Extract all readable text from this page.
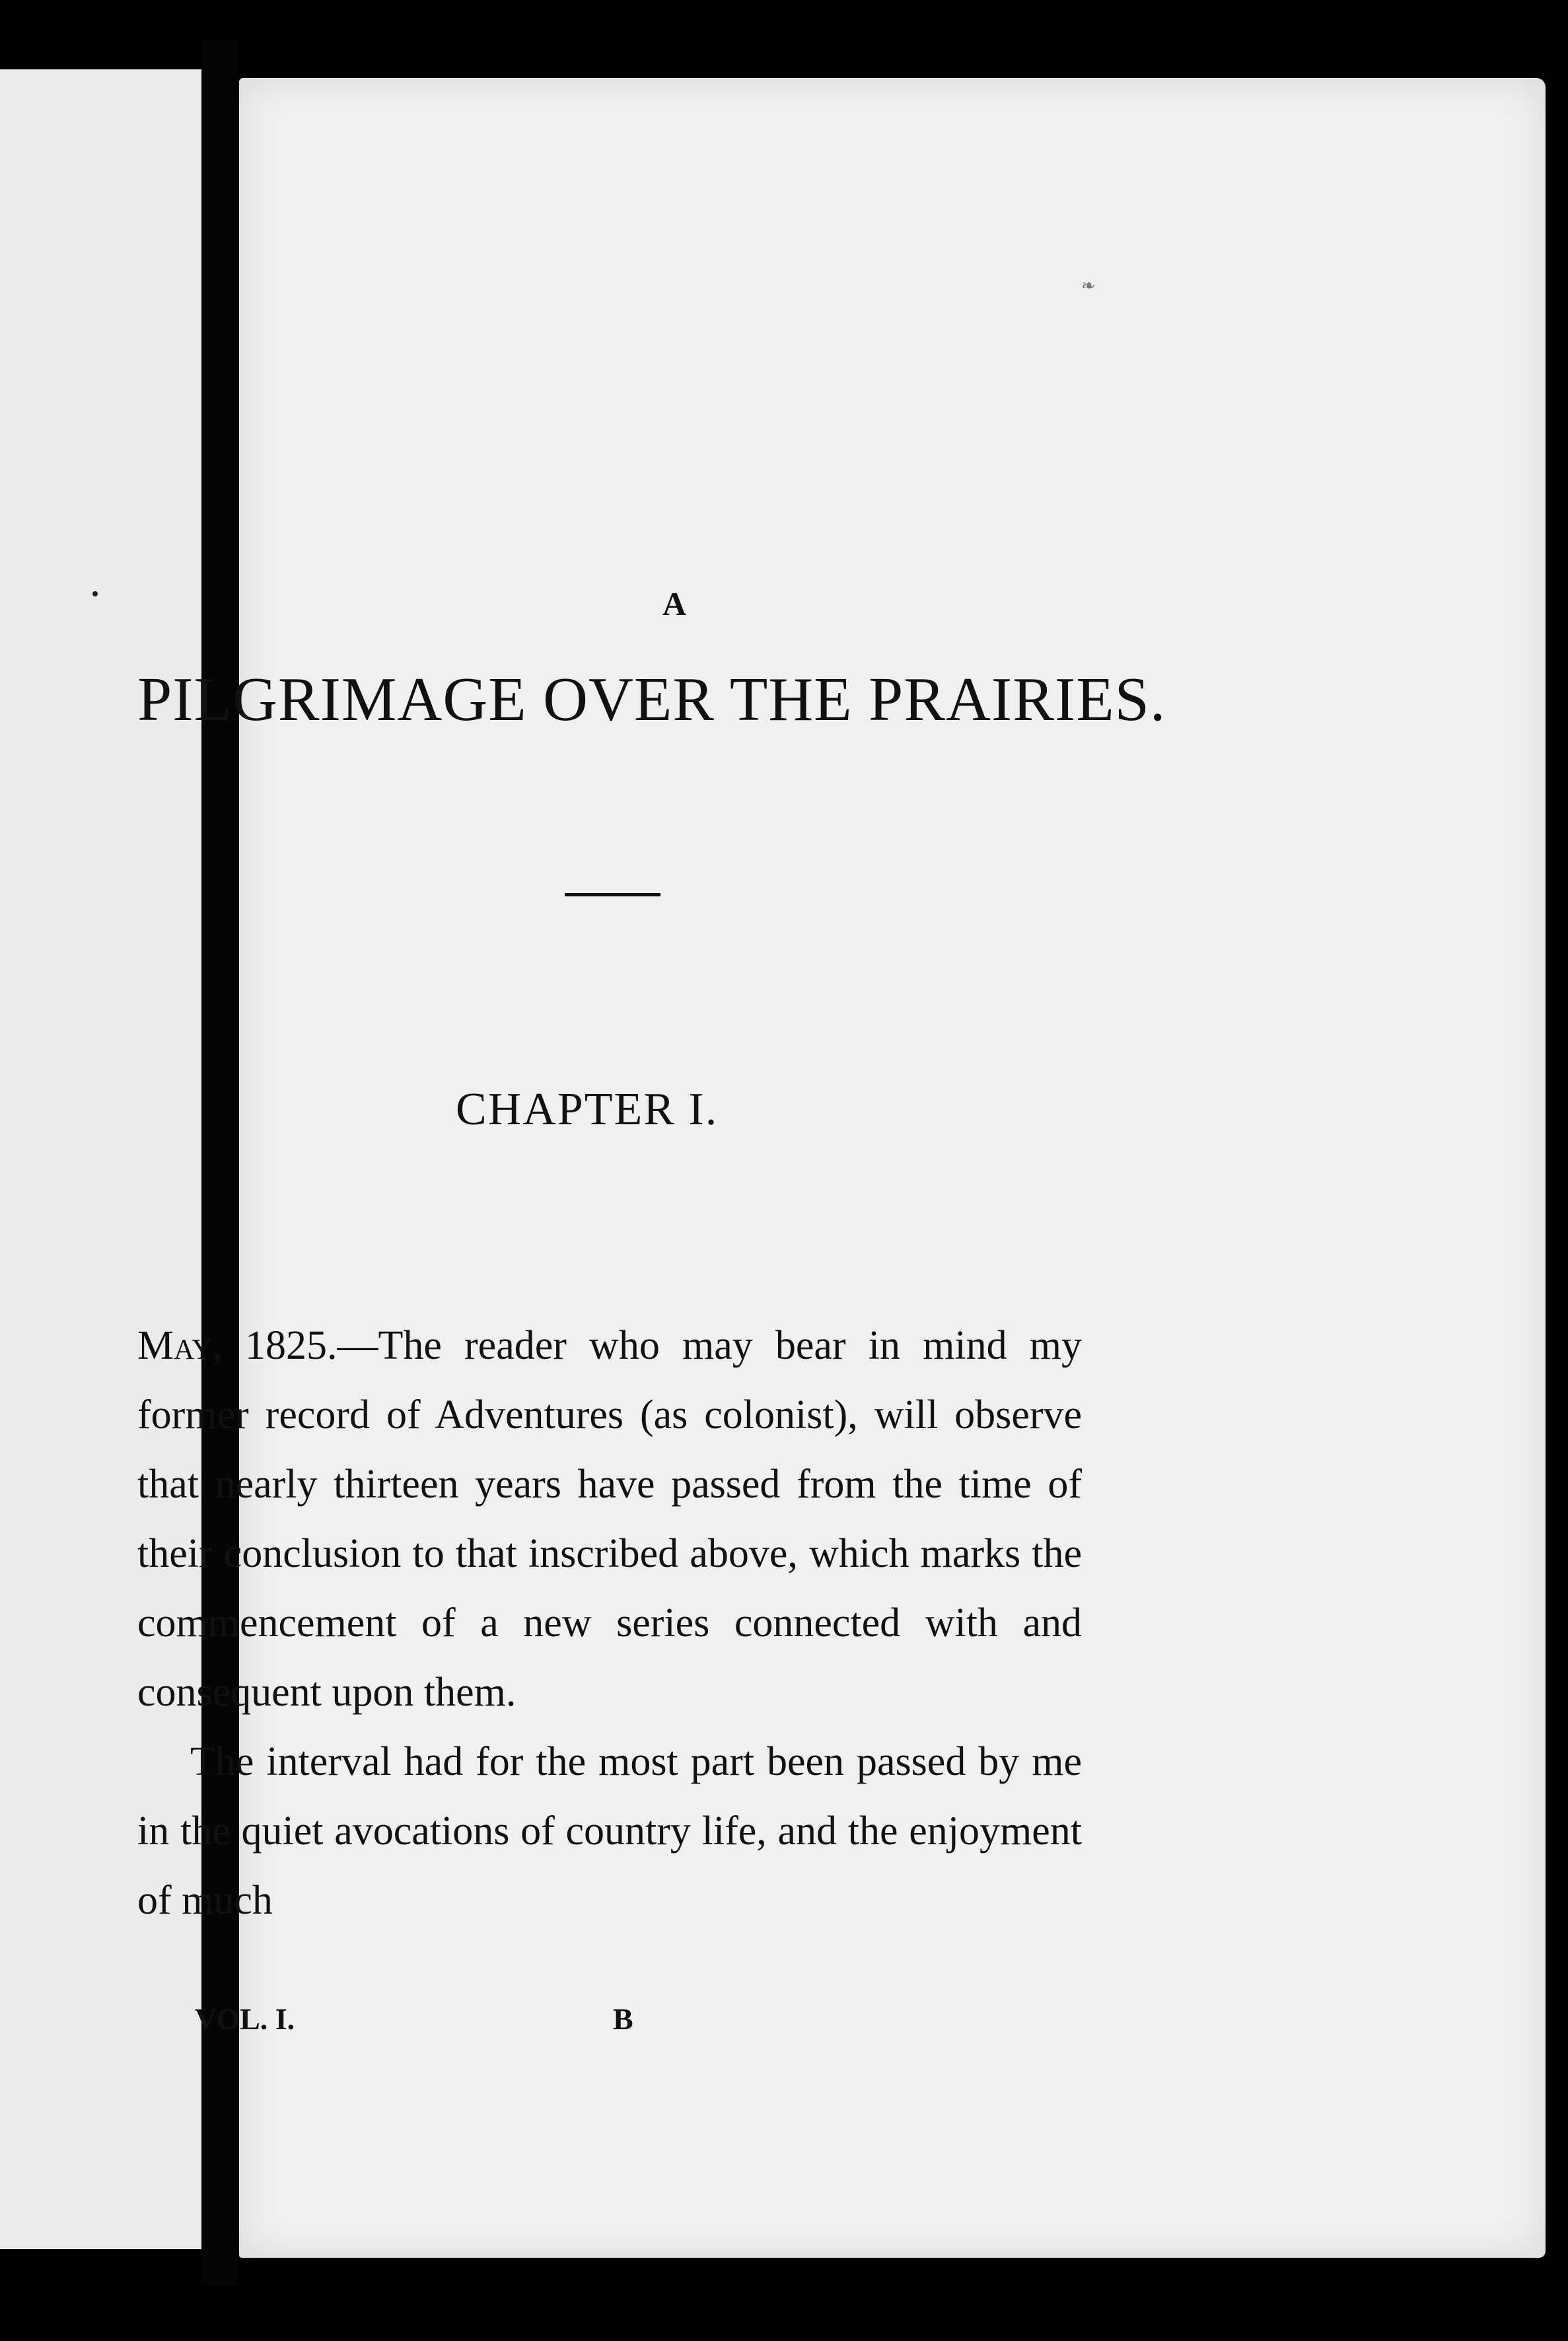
❧
A
PILGRIMAGE OVER THE PRAIRIES.
CHAPTER I.

May, 1825.—The reader who may bear in mind my former record of Adventures (as colonist), will observe that nearly thirteen years have passed from the time of their conclusion to that inscribed above, which marks the commencement of a new series connected with and consequent upon them.

The interval had for the most part been passed by me in the quiet avocations of country life, and the enjoyment of much

VOL. I.	B
